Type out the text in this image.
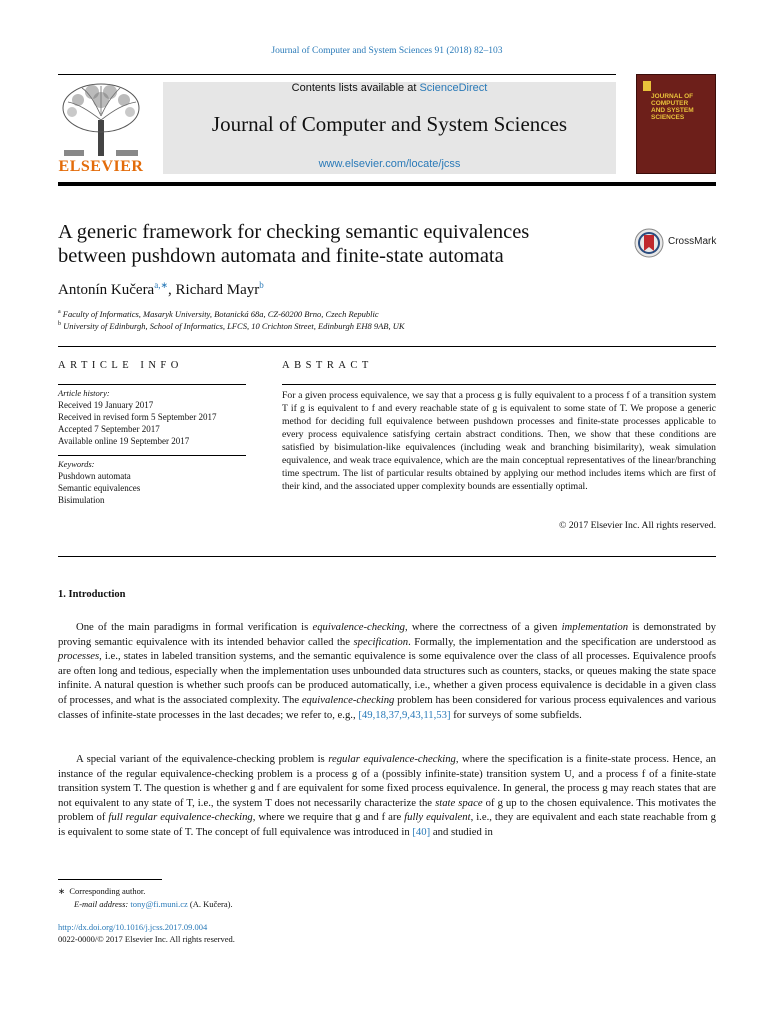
Journal of Computer and System Sciences 91 (2018) 82–103
ELSEVIER
Contents lists available at ScienceDirect
Journal of Computer and System Sciences
www.elsevier.com/locate/jcss
JOURNAL OF COMPUTER AND SYSTEM SCIENCES
A generic framework for checking semantic equivalences
between pushdown automata and finite-state automata
CrossMark
Antonín Kučera$^{a,∗}$, Richard Mayr$^b$
$^a$ Faculty of Informatics, Masaryk University, Botanická 68a, CZ-60200 Brno, Czech Republic
$^b$ University of Edinburgh, School of Informatics, LFCS, 10 Crichton Street, Edinburgh EH8 9AB, UK
ARTICLE INFO
Article history:
Received 19 January 2017
Received in revised form 5 September 2017
Accepted 7 September 2017
Available online 19 September 2017
Keywords:
Pushdown automata
Semantic equivalences
Bisimulation
ABSTRACT
For a given process equivalence, we say that a process g is fully equivalent to a process f of a transition system T if g is equivalent to f and every reachable state of g is equivalent to some state of T. We propose a generic method for deciding full equivalence between pushdown processes and finite-state processes applicable to every process equivalence satisfying certain abstract conditions. Then, we show that these conditions are satisfied by bisimulation-like equivalences (including weak and branching bisimilarity), weak simulation equivalence, and weak trace equivalence, which are the main conceptual representatives of the linear/branching time spectrum. The list of particular results obtained by applying our method includes items which are first of their kind, and the associated upper complexity bounds are essentially optimal.
© 2017 Elsevier Inc. All rights reserved.
1. Introduction
One of the main paradigms in formal verification is equivalence-checking, where the correctness of a given implementation is demonstrated by proving semantic equivalence with its intended behavior called the specification. Formally, the implementation and the specification are understood as processes, i.e., states in labeled transition systems, and the semantic equivalence is some equivalence over the class of all processes. Equivalence proofs are often long and tedious, especially when the implementation uses unbounded data structures such as counters, stacks, or queues making the state space infinite. A natural question is whether such proofs can be produced automatically, i.e., whether a given process equivalence is decidable in a given class of processes, and what is the associated complexity. The equivalence-checking problem has been considered for various process equivalences and various classes of infinite-state processes in the last decades; we refer to, e.g., [49,18,37,9,43,11,53] for surveys of some subfields.
A special variant of the equivalence-checking problem is regular equivalence-checking, where the specification is a finite-state process. Hence, an instance of the regular equivalence-checking problem is a process g of a (possibly infinite-state) transition system U, and a process f of a finite-state transition system T. The question is whether g and f are equivalent for some fixed process equivalence. In general, the process g may reach states that are not equivalent to any state of T, i.e., the system T does not necessarily characterize the state space of g up to the chosen equivalence. This motivates the problem of full regular equivalence-checking, where we require that g and f are fully equivalent, i.e., they are equivalent and each state reachable from g is equivalent to some state of T. The concept of full equivalence was introduced in [40] and studied in
∗ Corresponding author.
E-mail address: tony@fi.muni.cz (A. Kučera).
http://dx.doi.org/10.1016/j.jcss.2017.09.004
0022-0000/© 2017 Elsevier Inc. All rights reserved.
